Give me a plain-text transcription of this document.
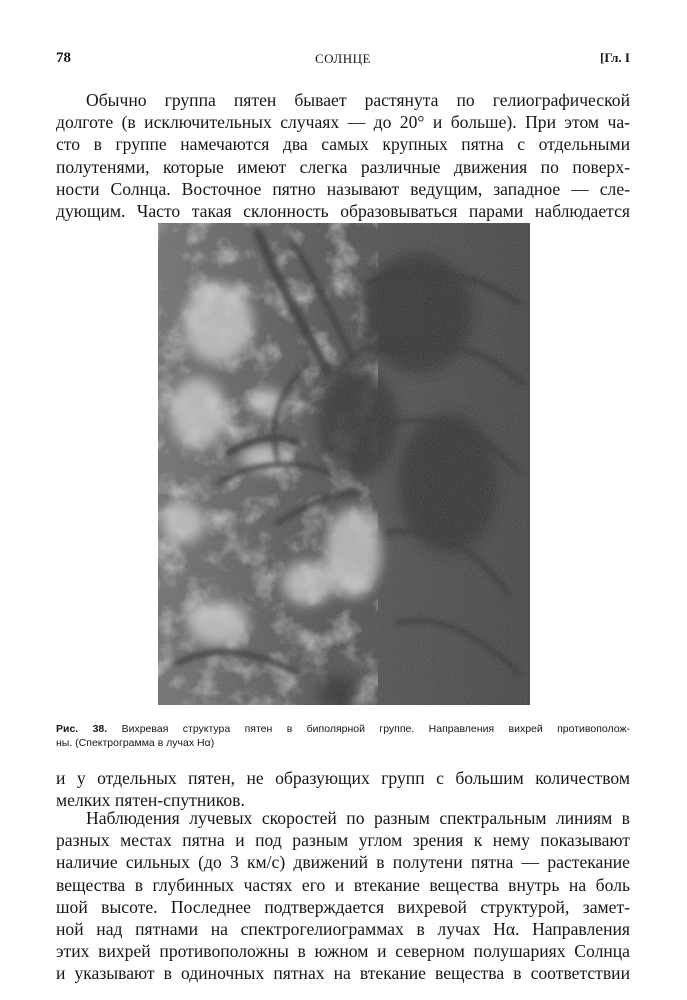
78	СОЛНЦЕ	[Гл. I
Обычно группа пятен бывает растянута по гелиографической
долготе (в исключительных случаях — до 20° и больше). При этом ча-
сто в группе намечаются два самых крупных пятна с отдельными
полутенями, которые имеют слегка различные движения по поверх-
ности Солнца. Восточное пятно называют ведущим, западное — сле-
дующим. Часто такая склонность образовываться парами наблюдается
Рис. 38. Вихревая структура пятен в биполярной группе. Направления вихрей противополож-
ны. (Спектрограмма в лучах Hα)
и у отдельных пятен, не образующих групп с большим количеством
мелких пятен-спутников.
Наблюдения лучевых скоростей по разным спектральным линиям в
разных местах пятна и под разным углом зрения к нему показывают
наличие сильных (до 3 км/с) движений в полутени пятна — растекание
вещества в глубинных частях его и втекание вещества внутрь на боль
шой высоте. Последнее подтверждается вихревой структурой, замет-
ной над пятнами на спектрогелиограммах в лучах Hα. Направления
этих вихрей противоположны в южном и северном полушариях Солнца
и указывают в одиночных пятнах на втекание вещества в соответствии
